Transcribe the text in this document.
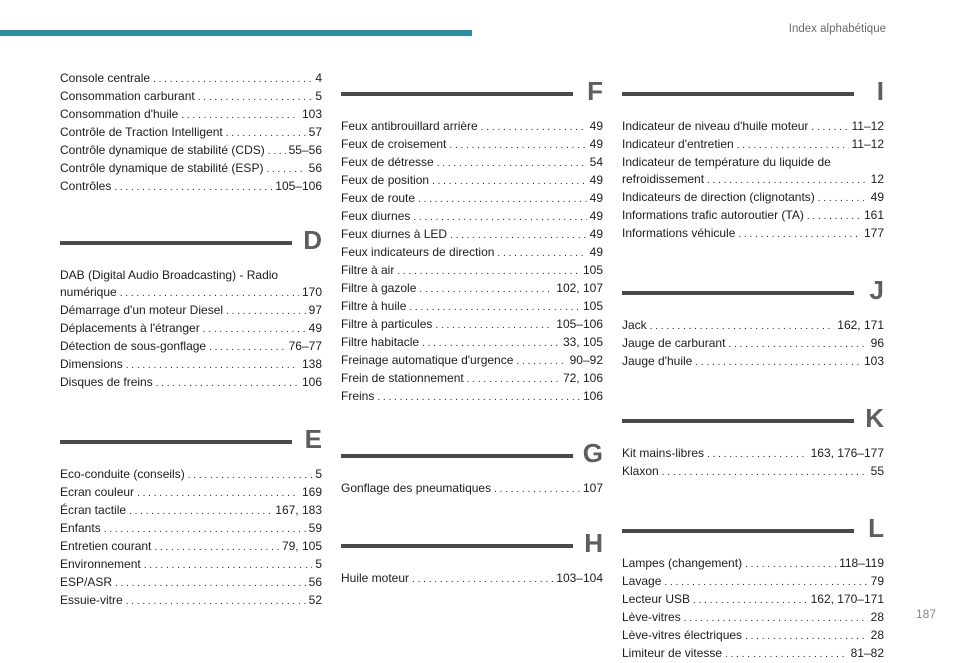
Index alphabétique
Console centrale . . .	4
Consommation carburant . . .	5
Consommation d'huile . . .	103
Contrôle de Traction Intelligent . . .	57
Contrôle dynamique de stabilité (CDS) . . . 55–56
Contrôle dynamique de stabilité (ESP) . . .	56
Contrôles . . .	105–106
D
DAB (Digital Audio Broadcasting) - Radio
numérique . . .	170
Démarrage d'un moteur Diesel . . .	97
Déplacements à l'étranger . . .	49
Détection de sous-gonflage . . .	76–77
Dimensions . . .	138
Disques de freins . . .	106
E
Eco-conduite (conseils) . . .	5
Ecran couleur . . .	169
Écran tactile . . .	167, 183
Enfants . . .	59
Entretien courant . . .	79, 105
Environnement . . .	5
ESP/ASR . . .	56
Essuie-vitre . . .	52
F
Feux antibrouillard arrière . . .	49
Feux de croisement . . .	49
Feux de détresse . . .	54
Feux de position . . .	49
Feux de route . . .	49
Feux diurnes . . .	49
Feux diurnes à LED . . .	49
Feux indicateurs de direction . . .	49
Filtre à air . . .	105
Filtre à gazole . . .	102, 107
Filtre à huile . . .	105
Filtre à particules . . .	105–106
Filtre habitacle . . .	33, 105
Freinage automatique d'urgence . . .	90–92
Frein de stationnement . . .	72, 106
Freins . . .	106
G
Gonflage des pneumatiques . . .	107
H
Huile moteur . . .	103–104
I
Indicateur de niveau d'huile moteur . . .	11–12
Indicateur d'entretien . . .	11–12
Indicateur de température du liquide de
refroidissement . . .	12
Indicateurs de direction (clignotants) . . .	49
Informations trafic autoroutier (TA) . . .	161
Informations véhicule . . .	177
J
Jack . . .	162, 171
Jauge de carburant . . .	96
Jauge d'huile . . .	103
K
Kit mains-libres . . .	163, 176–177
Klaxon . . .	55
L
Lampes (changement) . . .	118–119
Lavage . . .	79
Lecteur USB . . .	162, 170–171
Lève-vitres . . .	28
Lève-vitres électriques . . .	28
Limiteur de vitesse . . .	81–82
187
